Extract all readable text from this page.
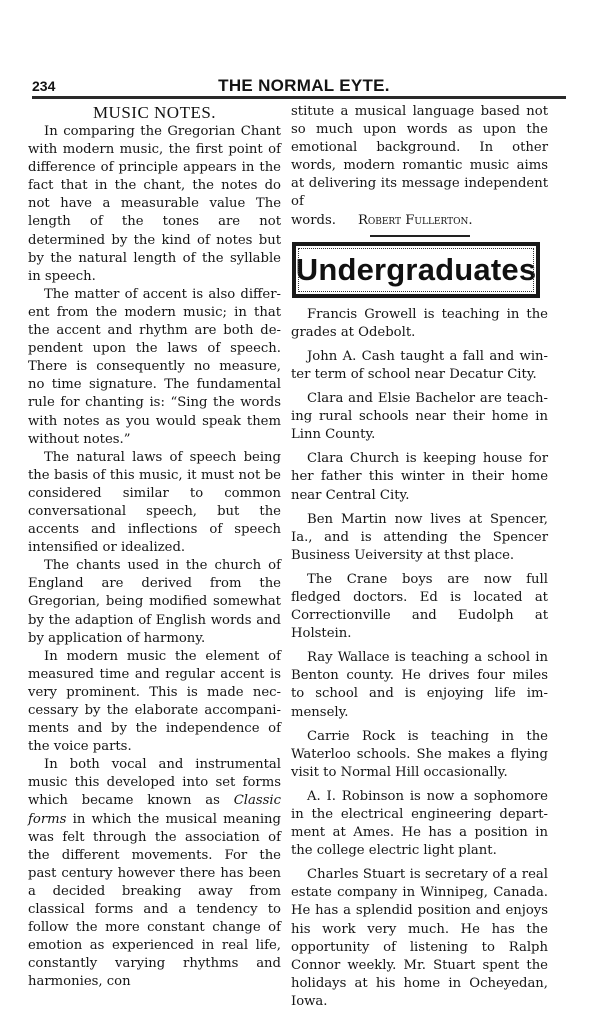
234	THE NORMAL EYTE.
MUSIC NOTES.

In comparing the Gregorian Chant with modern music, the first point of difference of principle appears in the fact that in the chant, the notes do not have a measurable value The length of the tones are not determined by the kind of notes but by the natural length of the syllable in speech.

The matter of accent is also different from the modern music; in that the accent and rhythm are both dependent upon the laws of speech. There is consequently no measure, no time signature. The fundamental rule for chanting is: “Sing the words with notes as you would speak them without notes.”

The natural laws of speech being the basis of this music, it must not be considered similar to common conversational speech, but the accents and inflections of speech intensified or idealized.

The chants used in the church of England are derived from the Gregorian, being modified somewhat by the adaption of English words and by application of harmony.

In modern music the element of measured time and regular accent is very prominent. This is made neccessary by the elaborate accompaniments and by the independence of the voice parts.

In both vocal and instrumental music this developed into set forms which became known as Classic forms in which the musical meaning was felt through the association of the different movements. For the past century however there has been a decided breaking away from classical forms and a tendency to follow the more constant change of emotion as experienced in real life, constantly varying rhythms and harmonies, con

stitute a musical language based not so much upon words as upon the emotional background. In other words, modern romantic music aims at delivering its message independent of

words. Robert Fullerton.

Undergraduates

Francis Growell is teaching in the grades at Odebolt.

John A. Cash taught a fall and winter term of school near Decatur City.

Clara and Elsie Bachelor are teaching rural schools near their home in Linn County.

Clara Church is keeping house for her father this winter in their home near Central City.

Ben Martin now lives at Spencer, Ia., and is attending the Spencer Business Ueiversity at thst place.

The Crane boys are now full fledged doctors. Ed is located at Correctionville and Eudolph at Holstein.

Ray Wallace is teaching a school in Benton county. He drives four miles to school and is enjoying life immensely.

Carrie Rock is teaching in the Waterloo schools. She makes a flying visit to Normal Hill occasionally.

A. I. Robinson is now a sophomore in the electrical engineering department at Ames. He has a position in the college electric light plant.

Charles Stuart is secretary of a real estate company in Winnipeg, Canada. He has a splendid position and enjoys his work very much. He has the opportunity of listening to Ralph Connor weekly. Mr. Stuart spent the holidays at his home in Ocheyedan, Iowa.
